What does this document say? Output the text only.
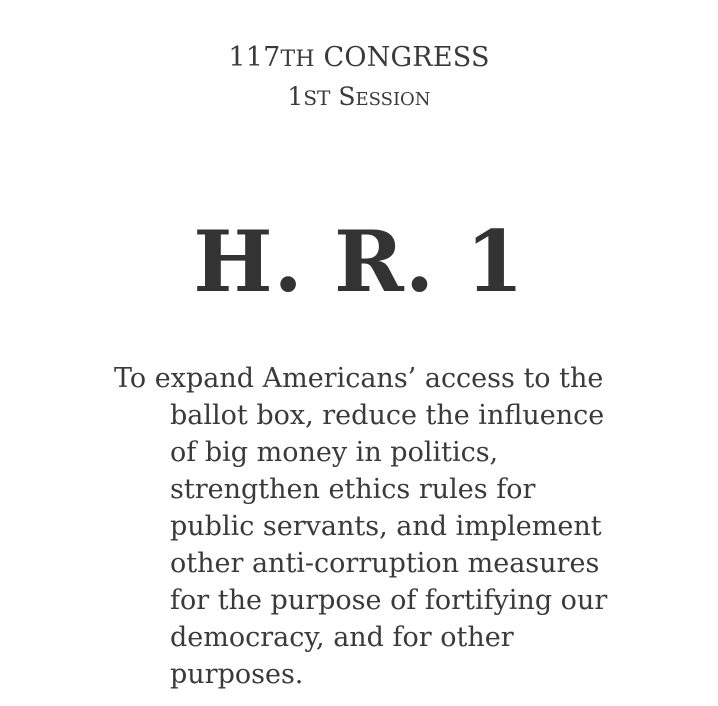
117TH CONGRESS
1ST Session
H. R. 1

To expand Americans’ access to the ballot box, reduce the influence of big money in politics, strengthen ethics rules for public servants, and implement other anti-corruption measures for the purpose of fortifying our democracy, and for other purposes.
